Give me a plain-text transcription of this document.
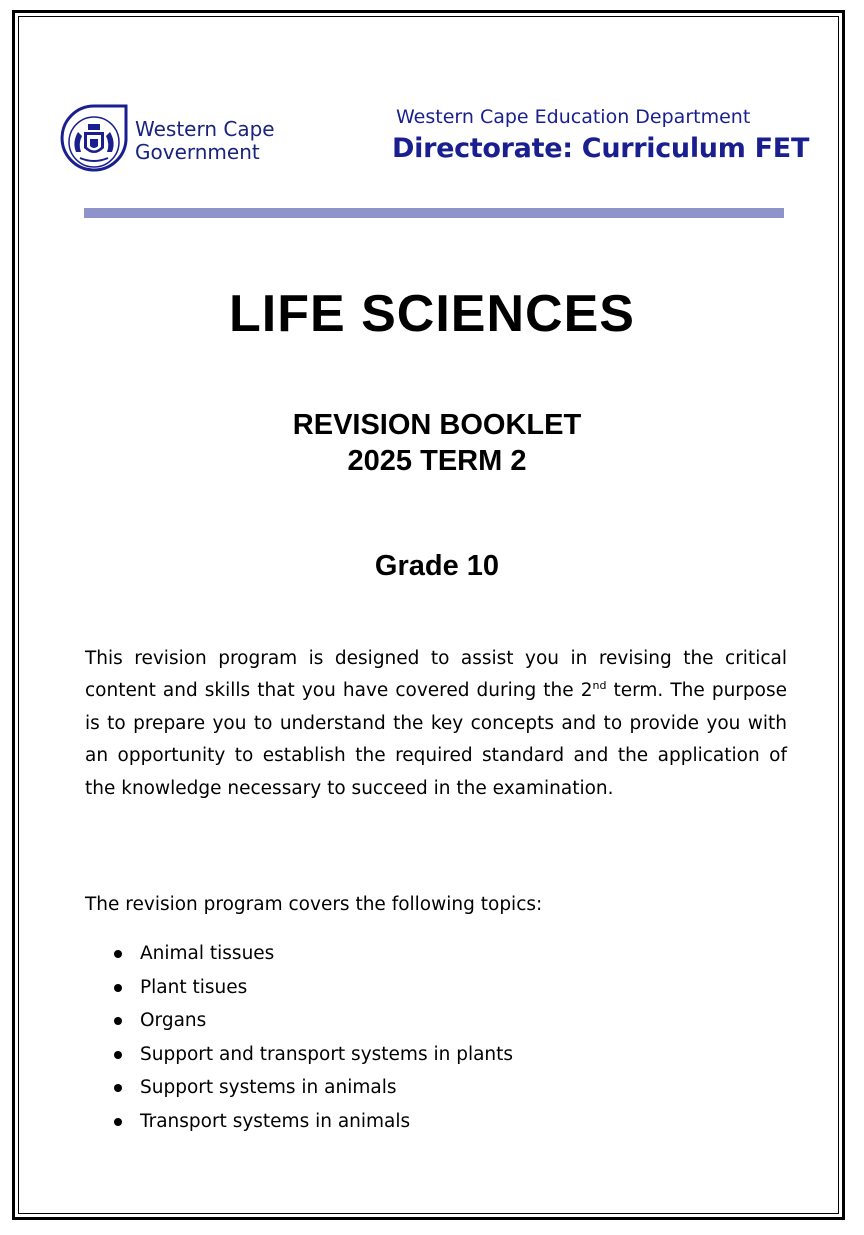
Western Cape
Government
Western Cape Education Department
Directorate: Curriculum FET
LIFE SCIENCES
REVISION BOOKLET
2025 TERM 2
Grade 10
This revision program is designed to assist you in revising the critical content and skills that you have covered during the 2nd term. The purpose is to prepare you to understand the key concepts and to provide you with an opportunity to establish the required standard and the application of the knowledge necessary to succeed in the examination.
The revision program covers the following topics:
Animal tissues
Plant tisues
Organs
Support and transport systems in plants
Support systems in animals
Transport systems in animals
